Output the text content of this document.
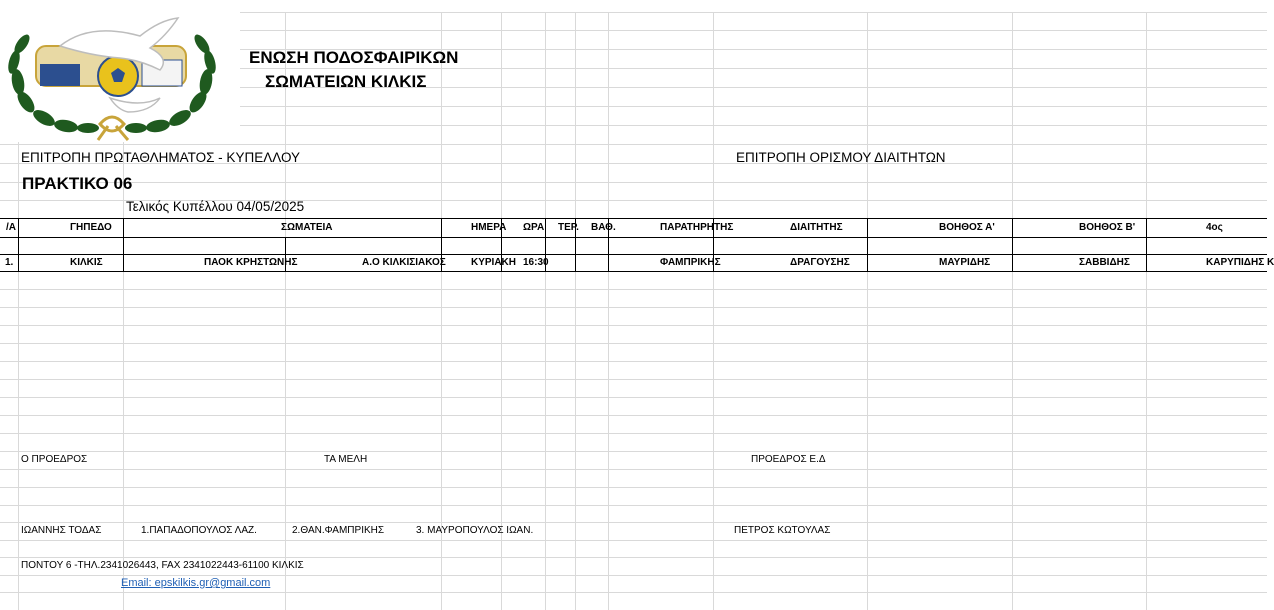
ΕΝΩΣΗ ΠΟΔΟΣΦΑΙΡΙΚΩΝ
ΣΩΜΑΤΕΙΩΝ ΚΙΛΚΙΣ
ΕΠΙΤΡΟΠΗ ΠΡΩΤΑΘΛΗΜΑΤΟΣ - ΚΥΠΕΛΛΟΥ	ΕΠΙΤΡΟΠΗ ΟΡΙΣΜΟΥ ΔΙΑΙΤΗΤΩΝ
ΠΡΑΚΤΙΚΟ 06
Τελικός Κυπέλλου 04/05/2025
/Α	ΓΗΠΕΔΟ	ΣΩΜΑΤΕΙΑ	ΗΜΕΡΑ ΩΡΑ ΤΕΡ. ΒΑΘ.	ΠΑΡΑΤΗΡΗΤΗΣ	ΔΙΑΙΤΗΤΗΣ	ΒΟΗΘΟΣ Α'	ΒΟΗΘΟΣ Β'	4ος
1.	ΚΙΛΚΙΣ	ΠΑΟΚ ΚΡΗΣΤΩΝΗΣ	Α.Ο ΚΙΛΚΙΣΙΑΚΟΣ	ΚΥΡΙΑΚΗ 16:30	ΦΑΜΠΡΙΚΗΣ	ΔΡΑΓΟΥΣΗΣ	ΜΑΥΡΙΔΗΣ	ΣΑΒΒΙΔΗΣ	ΚΑΡΥΠΙΔΗΣ Κ
Ο ΠΡΟΕΔΡΟΣ	ΤΑ ΜΕΛΗ	ΠΡΟΕΔΡΟΣ Ε.Δ
ΙΩΑΝΝΗΣ ΤΟΔΑΣ	1.ΠΑΠΑΔΟΠΟΥΛΟΣ ΛΑΖ.	2.ΘΑΝ.ΦΑΜΠΡΙΚΗΣ	3. ΜΑΥΡΟΠΟΥΛΟΣ ΙΩΑΝ.	ΠΕΤΡΟΣ ΚΩΤΟΥΛΑΣ
ΠΟΝΤΟΥ 6 -ΤΗΛ.2341026443, FAX 2341022443-61100 ΚΙΛΚΙΣ
Email: epskilkis.gr@gmail.com
